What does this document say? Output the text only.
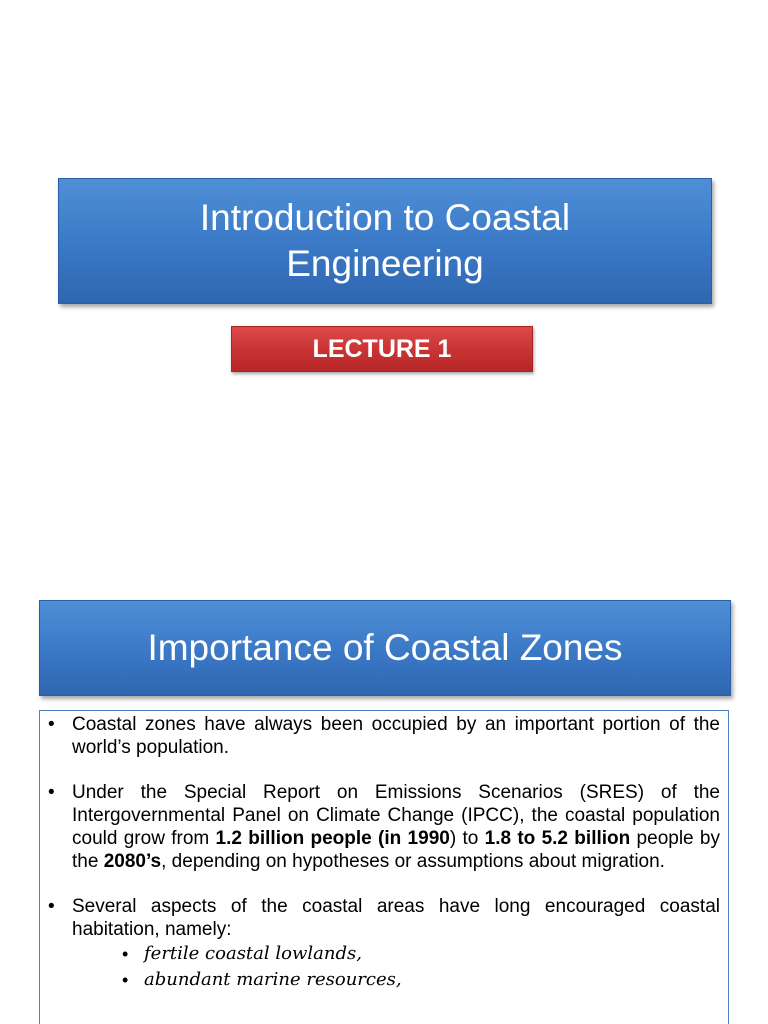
Introduction to Coastal Engineering
LECTURE 1
Importance of Coastal Zones
• Coastal zones have always been occupied by an important portion of the world’s population.
• Under the Special Report on Emissions Scenarios (SRES) of the Intergovernmental Panel on Climate Change (IPCC), the coastal population could grow from 1.2 billion people (in 1990) to 1.8 to 5.2 billion people by the 2080’s, depending on hypotheses or assumptions about migration.
• Several aspects of the coastal areas have long encouraged coastal habitation, namely:
• fertile coastal lowlands,
• abundant marine resources,
